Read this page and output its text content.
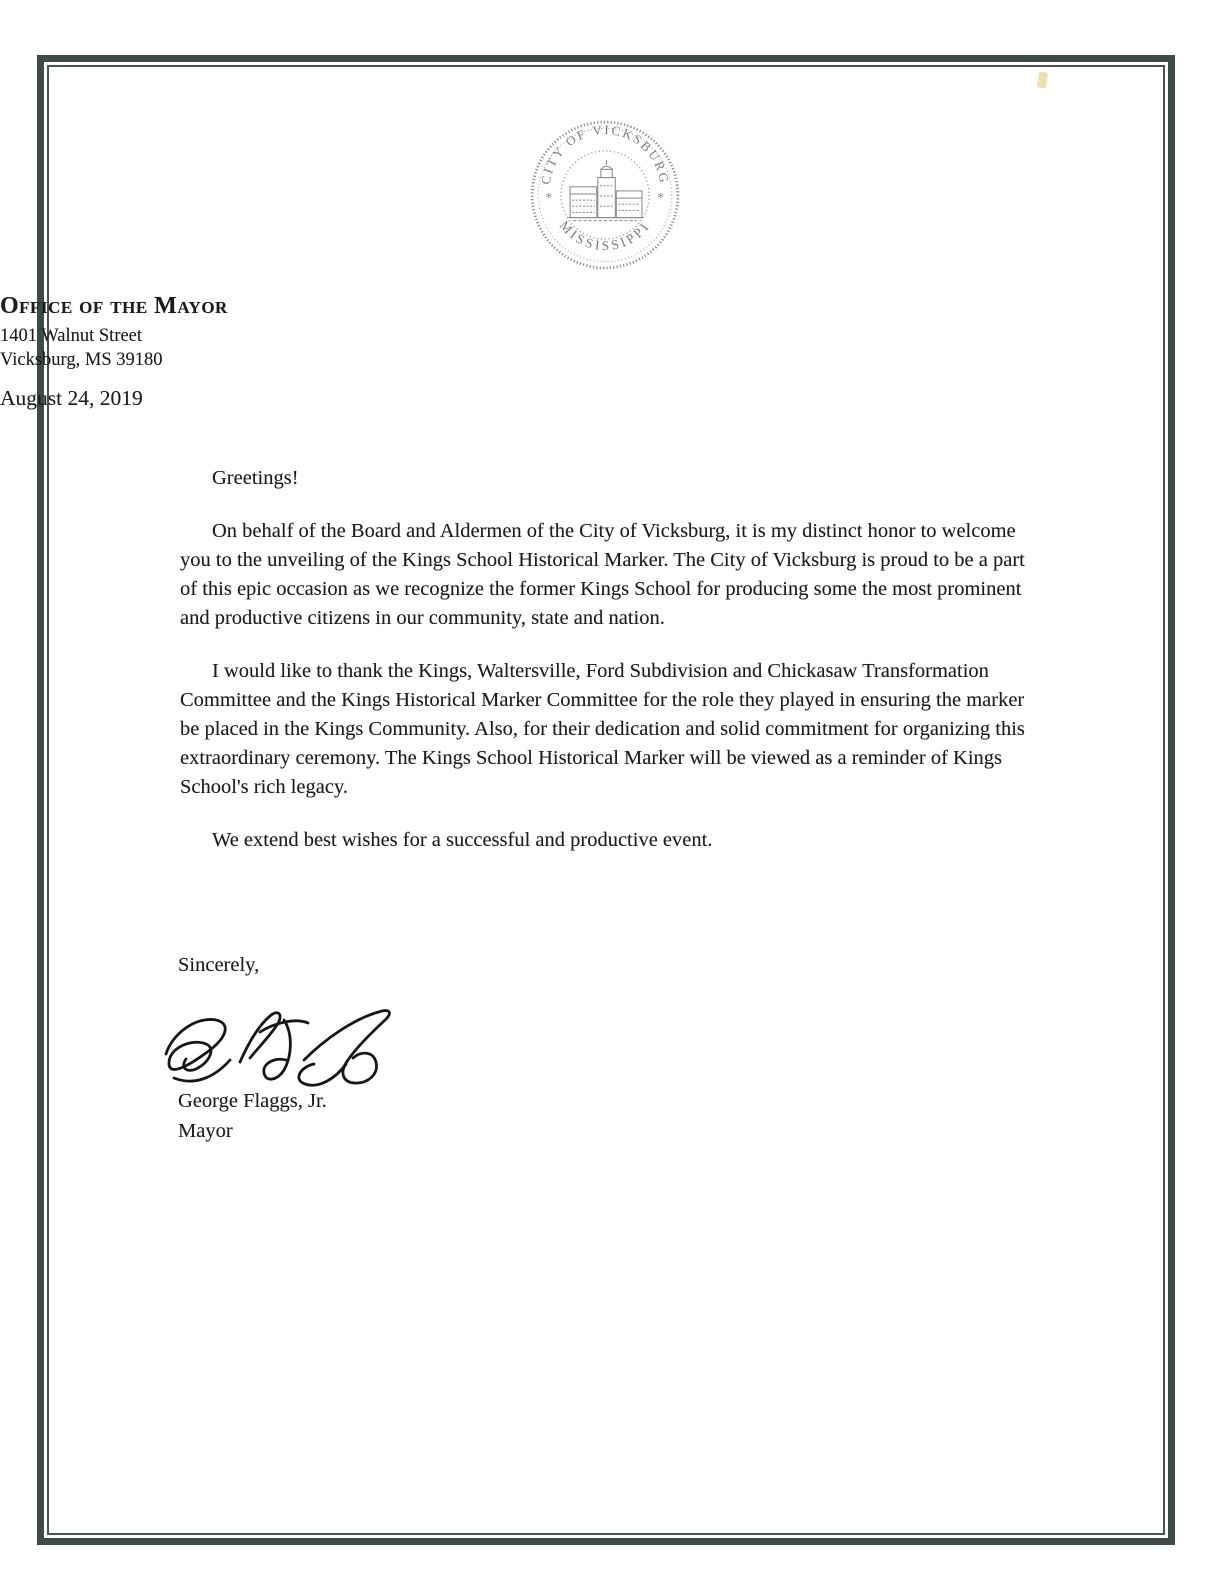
CITY OF VICKSBURG
MISSISSIPPI
*	*
Office of the Mayor
1401 Walnut Street
Vicksburg, MS 39180
August 24, 2019

Greetings!

On behalf of the Board and Aldermen of the City of Vicksburg, it is my distinct honor to welcome you to the unveiling of the Kings School Historical Marker. The City of Vicksburg is proud to be a part of this epic occasion as we recognize the former Kings School for producing some the most prominent and productive citizens in our community, state and nation.

I would like to thank the Kings, Waltersville, Ford Subdivision and Chickasaw Transformation Committee and the Kings Historical Marker Committee for the role they played in ensuring the marker be placed in the Kings Community. Also, for their dedication and solid commitment for organizing this extraordinary ceremony. The Kings School Historical Marker will be viewed as a reminder of Kings School's rich legacy.

We extend best wishes for a successful and productive event.

Sincerely,
George Flaggs, Jr.
Mayor
